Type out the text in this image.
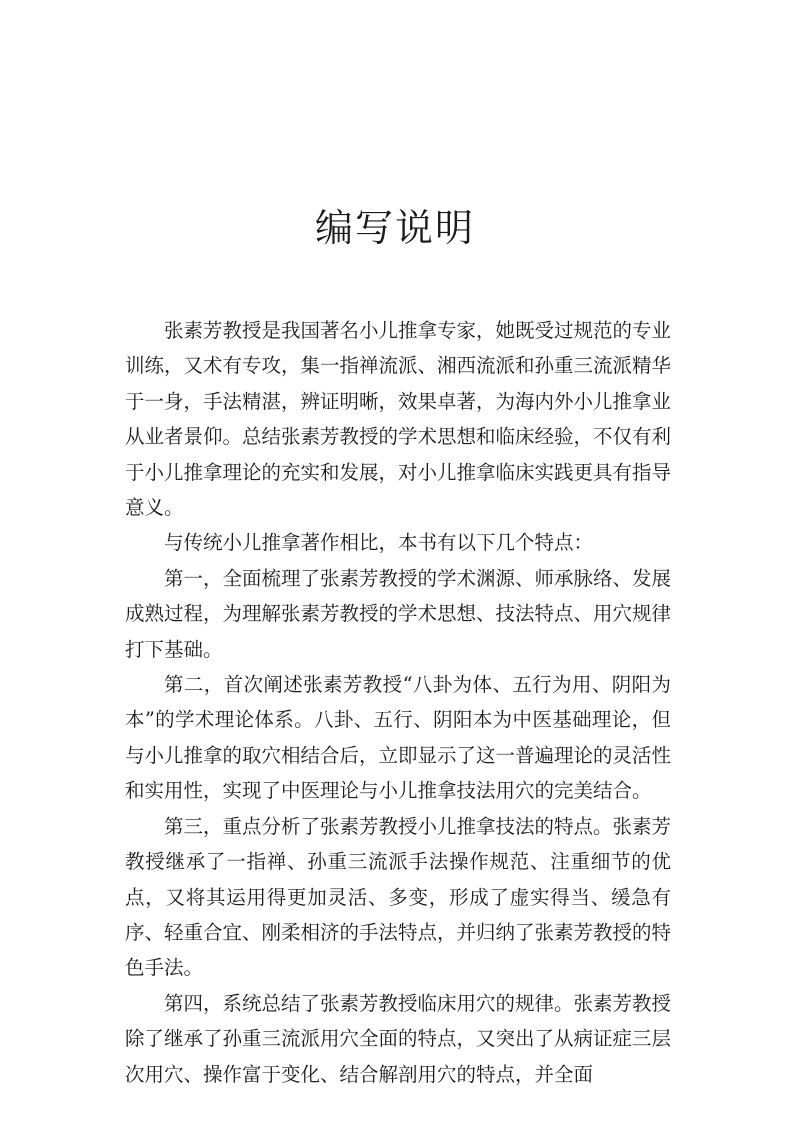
编写说明

张素芳教授是我国著名小儿推拿专家，她既受过规范的专业训练，又术有专攻，集一指禅流派、湘西流派和孙重三流派精华于一身，手法精湛，辨证明晰，效果卓著，为海内外小儿推拿业从业者景仰。总结张素芳教授的学术思想和临床经验，不仅有利于小儿推拿理论的充实和发展，对小儿推拿临床实践更具有指导意义。

与传统小儿推拿著作相比，本书有以下几个特点：

第一，全面梳理了张素芳教授的学术渊源、师承脉络、发展成熟过程，为理解张素芳教授的学术思想、技法特点、用穴规律打下基础。

第二，首次阐述张素芳教授“八卦为体、五行为用、阴阳为本”的学术理论体系。八卦、五行、阴阳本为中医基础理论，但与小儿推拿的取穴相结合后，立即显示了这一普遍理论的灵活性和实用性，实现了中医理论与小儿推拿技法用穴的完美结合。

第三，重点分析了张素芳教授小儿推拿技法的特点。张素芳教授继承了一指禅、孙重三流派手法操作规范、注重细节的优点，又将其运用得更加灵活、多变，形成了虚实得当、缓急有序、轻重合宜、刚柔相济的手法特点，并归纳了张素芳教授的特色手法。

第四，系统总结了张素芳教授临床用穴的规律。张素芳教授除了继承了孙重三流派用穴全面的特点，又突出了从病证症三层次用穴、操作富于变化、结合解剖用穴的特点，并全面
